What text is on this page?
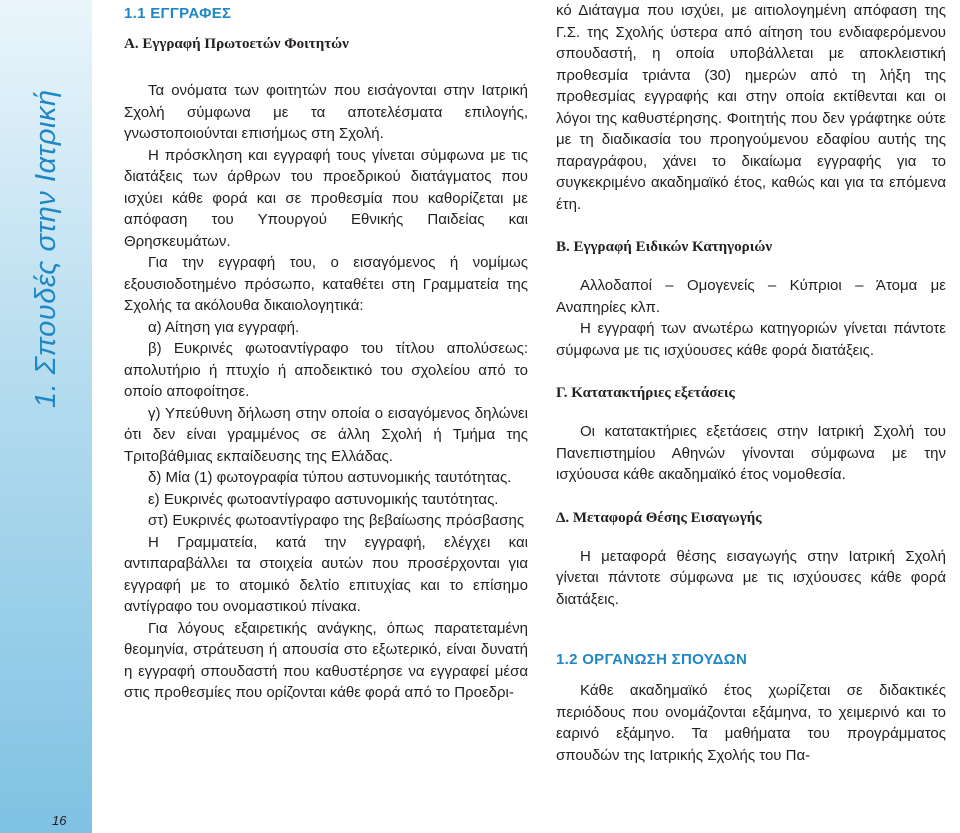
1. Σπουδές στην Ιατρική
16
1.1 ΕΓΓΡΑΦΕΣ
Α. Εγγραφή Πρωτοετών Φοιτητών

Τα ονόματα των φοιτητών που εισάγονται στην Ιατρική Σχολή σύμφωνα με τα αποτελέσματα επιλογής, γνωστοποιούνται επισήμως στη Σχολή.

Η πρόσκληση και εγγραφή τους γίνεται σύμφωνα με τις διατάξεις των άρθρων του προεδρικού διατάγματος που ισχύει κάθε φορά και σε προθεσμία που καθορίζεται με απόφαση του Υπουργού Εθνικής Παιδείας και Θρησκευμάτων.

Για την εγγραφή του, ο εισαγόμενος ή νομίμως εξουσιοδοτημένο πρόσωπο, καταθέτει στη Γραμματεία της Σχολής τα ακόλουθα δικαιολογητικά:

α) Αίτηση για εγγραφή.

β) Ευκρινές φωτοαντίγραφο του τίτλου απολύσεως: απολυτήριο ή πτυχίο ή αποδεικτικό του σχολείου από το οποίο αποφοίτησε.

γ) Υπεύθυνη δήλωση στην οποία ο εισαγόμενος δηλώνει ότι δεν είναι γραμμένος σε άλλη Σχολή ή Τμήμα της Τριτοβάθμιας εκπαίδευσης της Ελλάδας.

δ) Μία (1) φωτογραφία τύπου αστυνομικής ταυτότητας.

ε) Ευκρινές φωτοαντίγραφο αστυνομικής ταυτότητας.

στ) Ευκρινές φωτοαντίγραφο της βεβαίωσης πρόσβασης

Η Γραμματεία, κατά την εγγραφή, ελέγχει και αντιπαραβάλλει τα στοιχεία αυτών που προσέρχονται για εγγραφή με το ατομικό δελτίο επιτυχίας και το επίσημο αντίγραφο του ονομαστικού πίνακα.

Για λόγους εξαιρετικής ανάγκης, όπως παρατεταμένη θεομηνία, στράτευση ή απουσία στο εξωτερικό, είναι δυνατή η εγγραφή σπουδαστή που καθυστέρησε να εγγραφεί μέσα στις προθεσμίες που ορίζονται κάθε φορά από το Προεδρι-

κό Διάταγμα που ισχύει, με αιτιολογημένη απόφαση της Γ.Σ. της Σχολής ύστερα από αίτηση του ενδιαφερόμενου σπουδαστή, η οποία υποβάλλεται με αποκλειστική προθεσμία τριάντα (30) ημερών από τη λήξη της προθεσμίας εγγραφής και στην οποία εκτίθενται και οι λόγοι της καθυστέρησης. Φοιτητής που δεν γράφτηκε ούτε με τη διαδικασία του προηγούμενου εδαφίου αυτής της παραγράφου, χάνει το δικαίωμα εγγραφής για το συγκεκριμένο ακαδημαϊκό έτος, καθώς και για τα επόμενα έτη.

Β. Εγγραφή Ειδικών Κατηγοριών

Αλλοδαποί – Ομογενείς – Κύπριοι – Άτομα με Αναπηρίες κλπ.

Η εγγραφή των ανωτέρω κατηγοριών γίνεται πάντοτε σύμφωνα με τις ισχύουσες κάθε φορά διατάξεις.

Γ. Κατατακτήριες εξετάσεις

Οι κατατακτήριες εξετάσεις στην Ιατρική Σχολή του Πανεπιστημίου Αθηνών γίνονται σύμφωνα με την ισχύουσα κάθε ακαδημαϊκό έτος νομοθεσία.

Δ. Μεταφορά Θέσης Εισαγωγής

Η μεταφορά θέσης εισαγωγής στην Ιατρική Σχολή γίνεται πάντοτε σύμφωνα με τις ισχύουσες κάθε φορά διατάξεις.

1.2 ΟΡΓΑΝΩΣΗ ΣΠΟΥΔΩΝ

Κάθε ακαδημαϊκό έτος χωρίζεται σε διδακτικές περιόδους που ονομάζονται εξάμηνα, το χειμερινό και το εαρινό εξάμηνο. Τα μαθήματα του προγράμματος σπουδών της Ιατρικής Σχολής του Πα-
